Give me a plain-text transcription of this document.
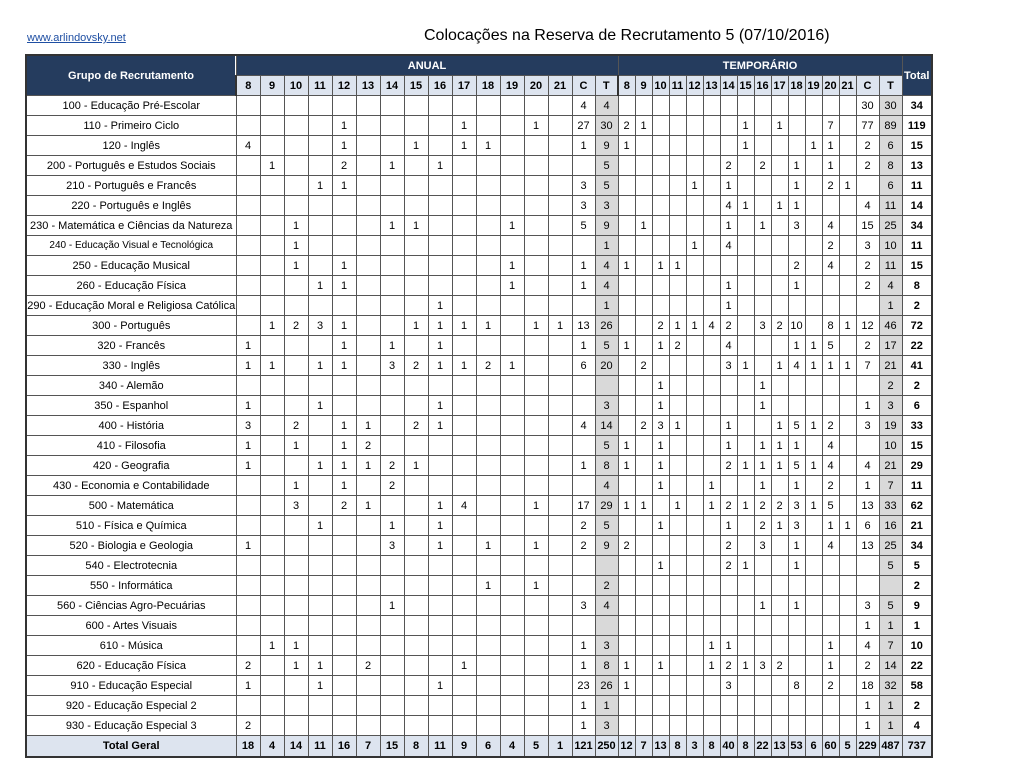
www.arlindovsky.net	Colocações na Reserva de Recrutamento 5 (07/10/2016)
Grupo de Recrutamento	ANUAL																TEMPORÁRIO																Total
	8	9	10	11	12	13	14	15	16	17	18	19	20	21	C	T	8	9	10	11	12	13	14	15	16	17	18	19	20	21	C	T	
100 - Educação Pré-Escolar															4	4															30	30	34
110 - Primeiro Ciclo					1					1			1		27	30	2	1						1		1			7		77	89	119
120 - Inglês	4				1			1		1	1				1	9	1							1				1	1		2	6	15
200 - Português e Estudos Sociais		1			2		1		1							5							2		2		1		1		2	8	13
210 - Português e Francês				1	1										3	5					1		1				1		2	1		6	11
220 - Português e Inglês															3	3							4	1		1	1				4	11	14
230 - Matemática e Ciências da Natureza			1				1	1				1			5	9		1					1		1		3		4		15	25	34
240 - Educação Visual e Tecnológica			1													1					1		4						2		3	10	11
250 - Educação Musical			1		1							1			1	4	1		1	1							2		4		2	11	15
260 - Educação Física				1	1							1			1	4							1				1				2	4	8
290 - Educação Moral e Religiosa Católica									1							1							1									1	2
300 - Português		1	2	3	1			1	1	1	1		1	1	13	26			2	1	1	4	2		3	2	10		8	1	12	46	72
320 - Francês	1				1		1		1						1	5	1		1	2			4				1	1	5		2	17	22
330 - Inglês	1	1		1	1		3	2	1	1	2	1			6	20		2					3	1		1	4	1	1	1	7	21	41
340 - Alemão																			1						1							2	2
350 - Espanhol	1			1					1							3			1						1						1	3	6
400 - História	3		2		1	1		2	1						4	14		2	3	1			1			1	5	1	2		3	19	33
410 - Filosofia	1		1		1	2										5	1		1				1		1	1	1		4			10	15
420 - Geografia	1			1	1	1	2	1							1	8	1		1				2	1	1	1	5	1	4		4	21	29
430 - Economia e Contabilidade			1		1		2									4			1			1			1		1		2		1	7	11
500 - Matemática			3		2	1			1	4			1		17	29	1	1		1		1	2	1	2	2	3	1	5		13	33	62
510 - Física e Química				1			1		1						2	5			1				1		2	1	3		1	1	6	16	21
520 - Biologia e Geologia	1						3		1		1		1		2	9	2						2		3		1		4		13	25	34
540 - Electrotecnia																			1				2	1			1					5	5
550 - Informática											1		1			2																	2
560 - Ciências Agro-Pecuárias							1								3	4									1		1				3	5	9
600 - Artes Visuais																															1	1	1
610 - Música		1	1												1	3						1	1						1		4	7	10
620 - Educação Física	2		1	1		2				1					1	8	1		1			1	2	1	3	2			1		2	14	22
910 - Educação Especial	1			1					1						23	26	1						3				8		2		18	32	58
920 - Educação Especial 2															1	1															1	1	2
930 - Educação Especial 3	2														1	3															1	1	4
Total Geral	18	4	14	11	16	7	15	8	11	9	6	4	5	1	121	250	12	7	13	8	3	8	40	8	22	13	53	6	60	5	229	487	737
